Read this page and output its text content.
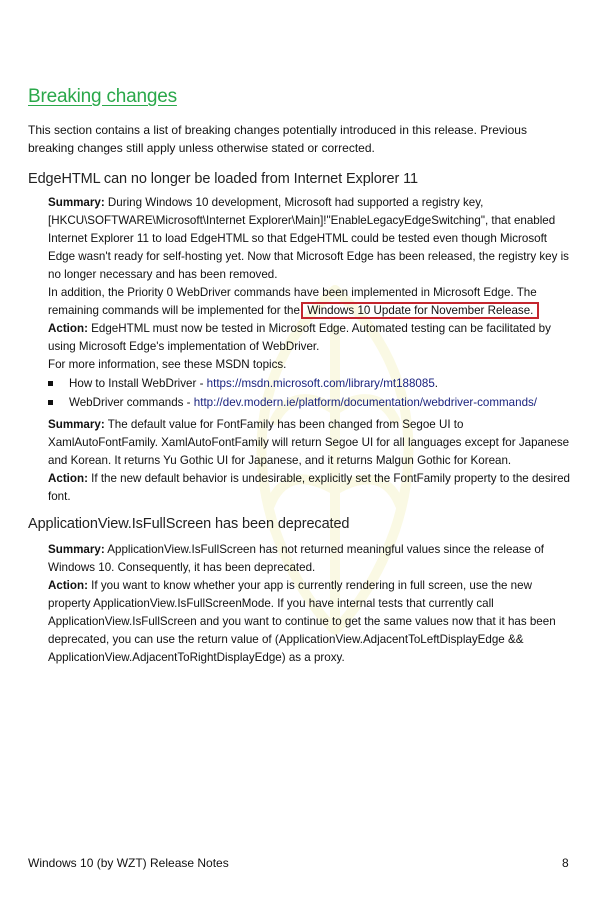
Breaking changes
This section contains a list of breaking changes potentially introduced in this release. Previous breaking changes still apply unless otherwise stated or corrected.
EdgeHTML can no longer be loaded from Internet Explorer 11

Summary: During Windows 10 development, Microsoft had supported a registry key, [HKCU\SOFTWARE\Microsoft\Internet Explorer\Main]!"EnableLegacyEdgeSwitching", that enabled Internet Explorer 11 to load EdgeHTML so that EdgeHTML could be tested even though Microsoft Edge wasn't ready for self-hosting yet. Now that Microsoft Edge has been released, the registry key is no longer necessary and has been removed.

In addition, the Priority 0 WebDriver commands have been implemented in Microsoft Edge. The remaining commands will be implemented for the Windows 10 Update for November Release.

Action: EdgeHTML must now be tested in Microsoft Edge. Automated testing can be facilitated by using Microsoft Edge's implementation of WebDriver.

For more information, see these MSDN topics.

How to Install WebDriver - https://msdn.microsoft.com/library/mt188085.
WebDriver commands - http://dev.modern.ie/platform/documentation/webdriver-commands/

Summary: The default value for FontFamily has been changed from Segoe UI to XamlAutoFontFamily. XamlAutoFontFamily will return Segoe UI for all languages except for Japanese and Korean. It returns Yu Gothic UI for Japanese, and it returns Malgun Gothic for Korean.

Action: If the new default behavior is undesirable, explicitly set the FontFamily property to the desired font.

ApplicationView.IsFullScreen has been deprecated

Summary: ApplicationView.IsFullScreen has not returned meaningful values since the release of Windows 10. Consequently, it has been deprecated.

Action: If you want to know whether your app is currently rendering in full screen, use the new property ApplicationView.IsFullScreenMode. If you have internal tests that currently call ApplicationView.IsFullScreen and you want to continue to get the same values now that it has been deprecated, you can use the return value of (ApplicationView.AdjacentToLeftDisplayEdge && ApplicationView.AdjacentToRightDisplayEdge) as a proxy.

Windows 10 (by WZT) Release Notes	8
